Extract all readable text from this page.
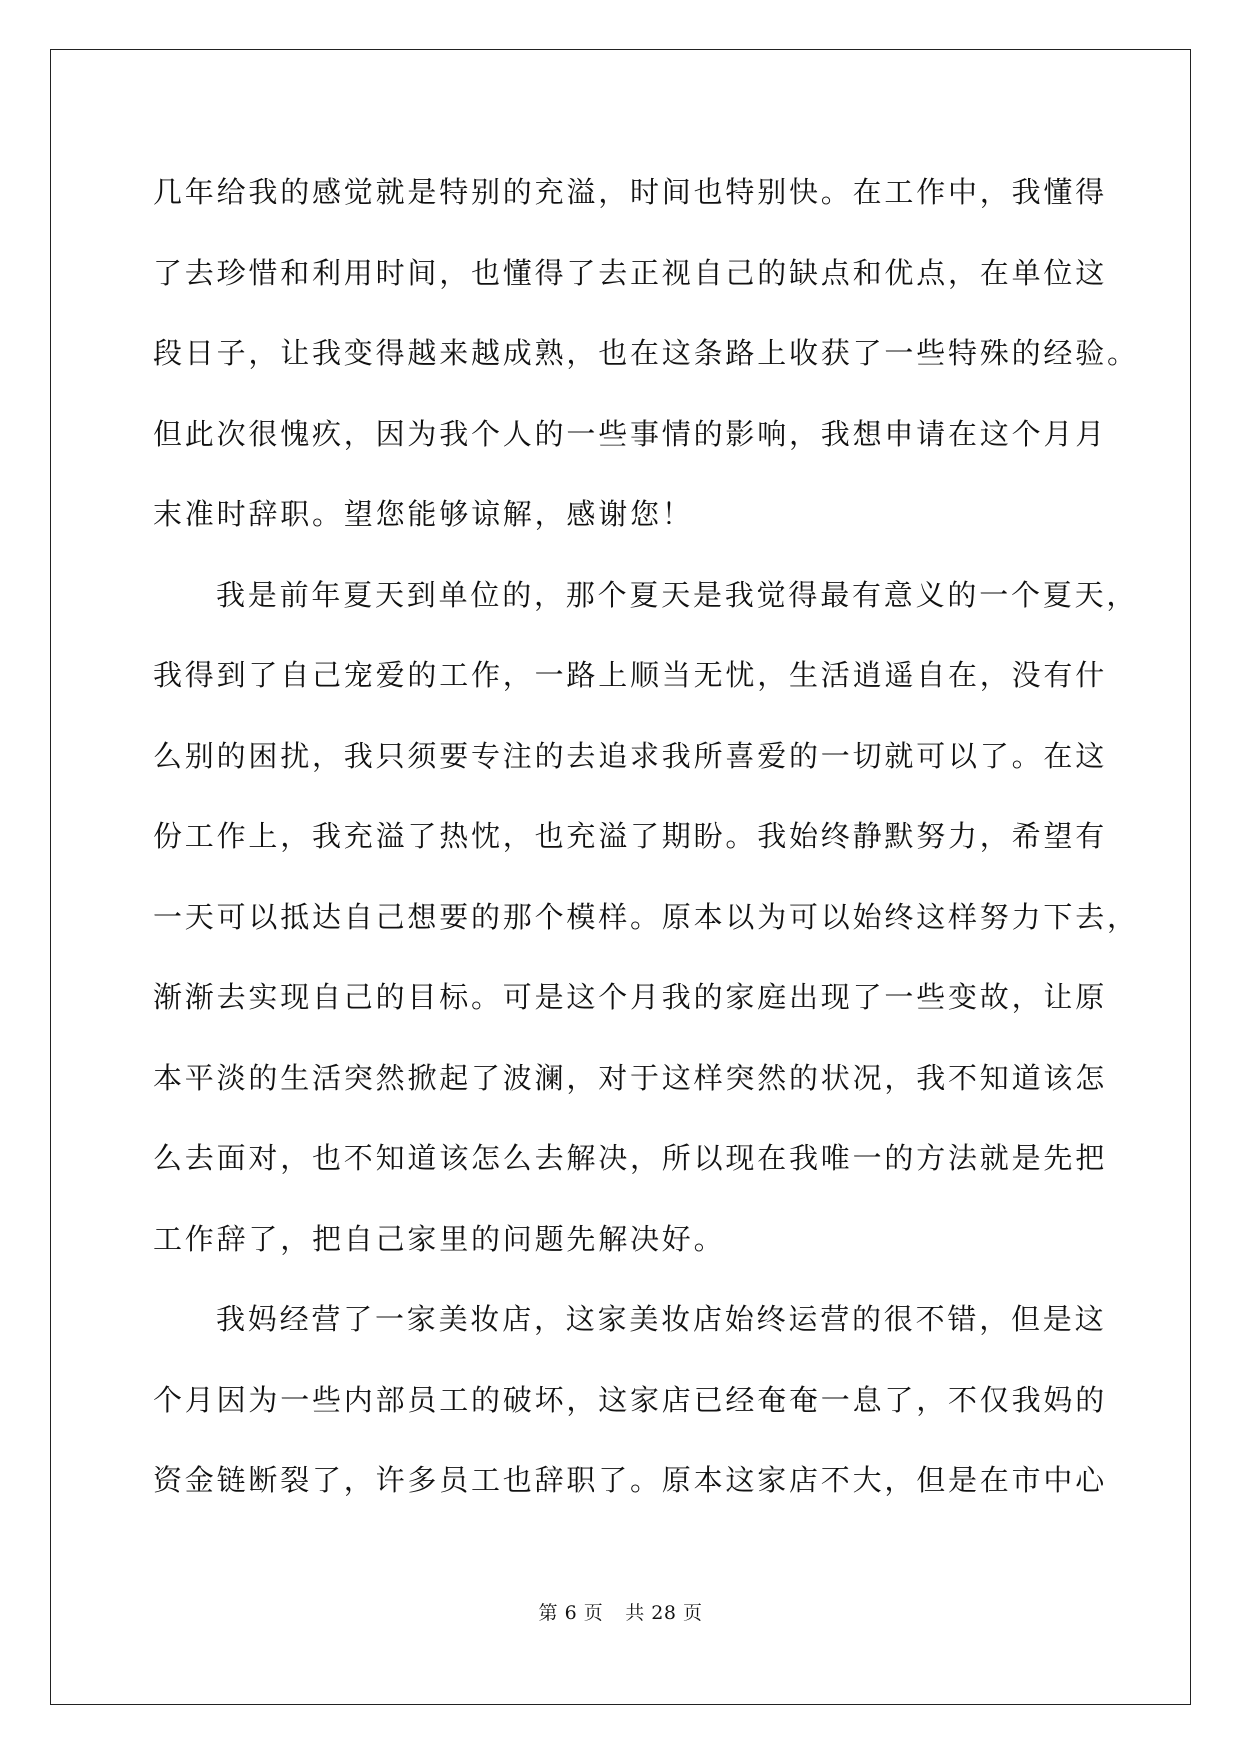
几年给我的感觉就是特别的充溢，时间也特别快。在工作中，我懂得
了去珍惜和利用时间，也懂得了去正视自己的缺点和优点，在单位这
段日子，让我变得越来越成熟，也在这条路上收获了一些特殊的经验。
但此次很愧疚，因为我个人的一些事情的影响，我想申请在这个月月
末准时辞职。望您能够谅解，感谢您！
我是前年夏天到单位的，那个夏天是我觉得最有意义的一个夏天，
我得到了自己宠爱的工作，一路上顺当无忧，生活逍遥自在，没有什
么别的困扰，我只须要专注的去追求我所喜爱的一切就可以了。在这
份工作上，我充溢了热忱，也充溢了期盼。我始终静默努力，希望有
一天可以抵达自己想要的那个模样。原本以为可以始终这样努力下去，
渐渐去实现自己的目标。可是这个月我的家庭出现了一些变故，让原
本平淡的生活突然掀起了波澜，对于这样突然的状况，我不知道该怎
么去面对，也不知道该怎么去解决，所以现在我唯一的方法就是先把
工作辞了，把自己家里的问题先解决好。
我妈经营了一家美妆店，这家美妆店始终运营的很不错，但是这
个月因为一些内部员工的破坏，这家店已经奄奄一息了，不仅我妈的
资金链断裂了，许多员工也辞职了。原本这家店不大，但是在市中心
第 6 页 共 28 页
